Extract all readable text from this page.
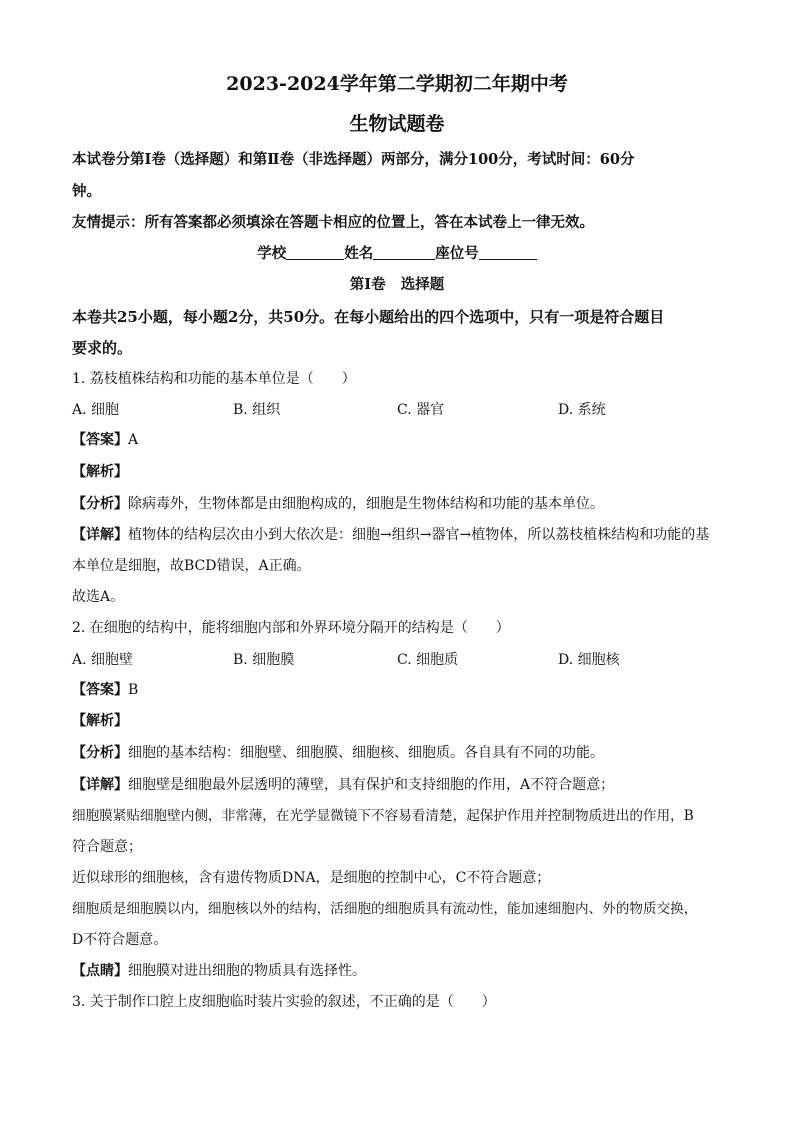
2023-2024学年第二学期初二年期中考
生物试题卷
本试卷分第Ⅰ卷（选择题）和第Ⅱ卷（非选择题）两部分，满分100分，考试时间：60分
钟。
友情提示：所有答案都必须填涂在答题卡相应的位置上，答在本试卷上一律无效。
学校	姓名	座位号
第Ⅰ卷   选择题
本卷共25小题，每小题2分，共50分。在每小题给出的四个选项中，只有一项是符合题目
要求的。
1. 荔枝植株结构和功能的基本单位是（　　）
A. 细胞	B. 组织	C. 器官	D. 系统
【答案】A
【解析】
【分析】除病毒外，生物体都是由细胞构成的，细胞是生物体结构和功能的基本单位。
【详解】植物体的结构层次由小到大依次是：细胞→组织→器官→植物体，所以荔枝植株结构和功能的基
本单位是细胞，故BCD错误，A正确。
故选A。
2. 在细胞的结构中，能将细胞内部和外界环境分隔开的结构是（　　）
A. 细胞壁	B. 细胞膜	C. 细胞质	D. 细胞核
【答案】B
【解析】
【分析】细胞的基本结构：细胞壁、细胞膜、细胞核、细胞质。各自具有不同的功能。
【详解】细胞壁是细胞最外层透明的薄壁，具有保护和支持细胞的作用，A不符合题意；
细胞膜紧贴细胞壁内侧，非常薄，在光学显微镜下不容易看清楚，起保护作用并控制物质进出的作用，B
符合题意；
近似球形的细胞核，含有遗传物质DNA，是细胞的控制中心，C不符合题意；
细胞质是细胞膜以内，细胞核以外的结构，活细胞的细胞质具有流动性，能加速细胞内、外的物质交换，
D不符合题意。
【点睛】细胞膜对进出细胞的物质具有选择性。
3. 关于制作口腔上皮细胞临时装片实验的叙述，不正确的是（　　）
